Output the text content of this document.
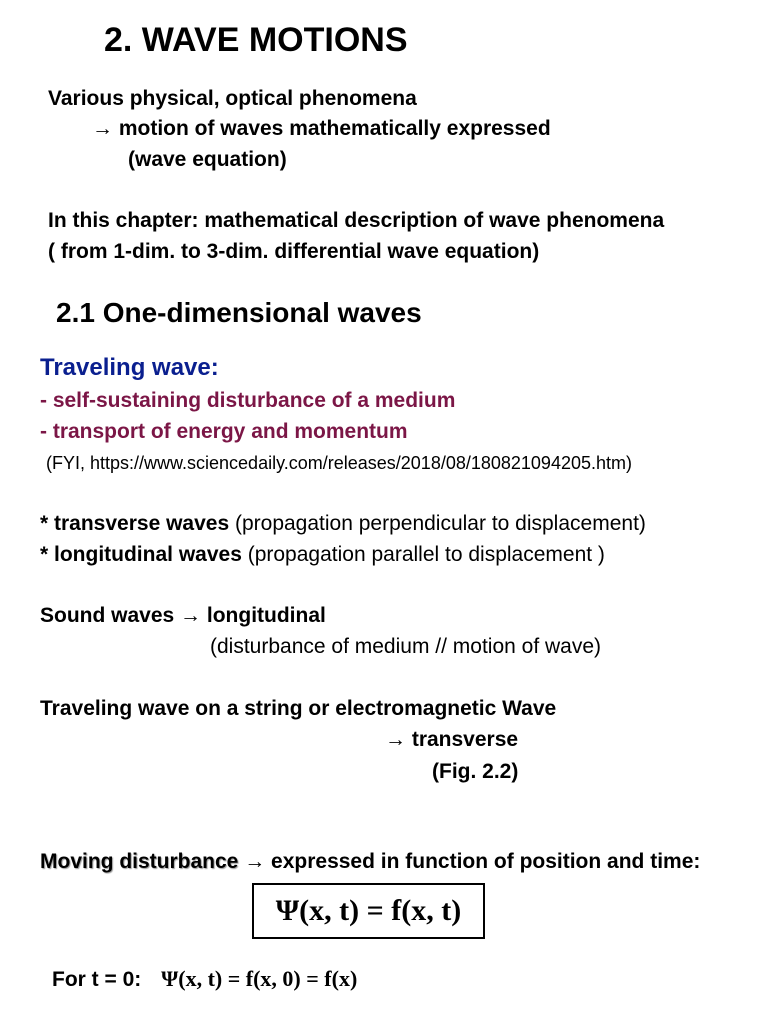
2. WAVE MOTIONS
Various physical, optical phenomena
→ motion of waves mathematically expressed
(wave equation)
In this chapter: mathematical description of wave phenomena
( from 1-dim. to 3-dim. differential wave equation)
2.1 One-dimensional waves
Traveling wave:
- self-sustaining disturbance of a medium
- transport of energy and momentum
(FYI, https://www.sciencedaily.com/releases/2018/08/180821094205.htm)
* transverse waves (propagation perpendicular to displacement)
* longitudinal waves (propagation parallel to displacement )
Sound waves → longitudinal
(disturbance of medium // motion of wave)
Traveling wave on a string or electromagnetic Wave
→ transverse
(Fig. 2.2)
Moving disturbance → expressed in function of position and time:
Ψ(x, t) = f(x, t)
For t = 0: Ψ(x, t) = f(x, 0) = f(x)
